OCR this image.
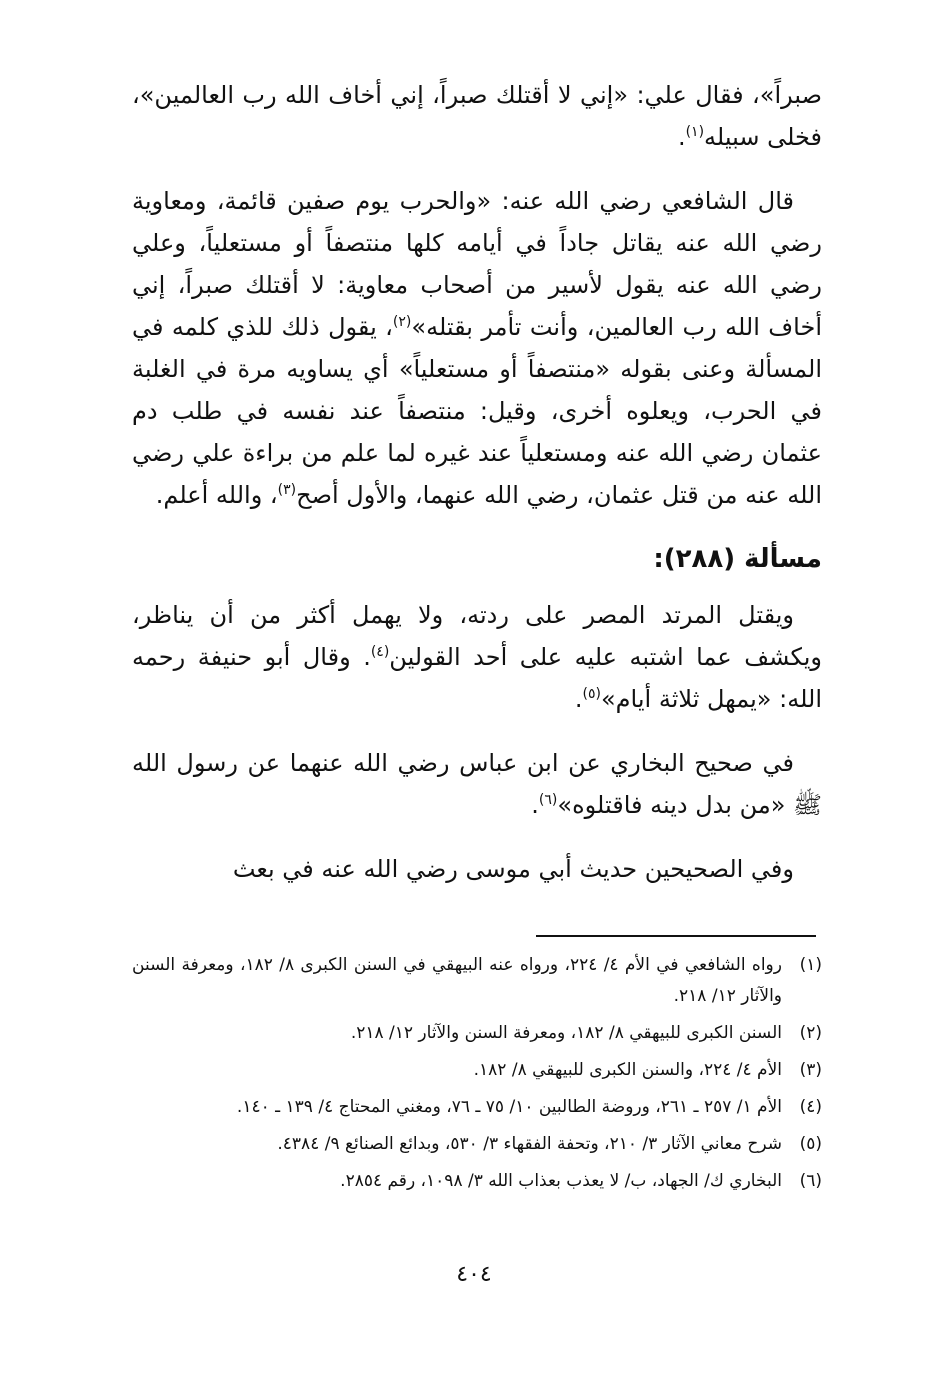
صبراً»، فقال علي: «إني لا أقتلك صبراً، إني أخاف الله رب العالمين»، فخلى سبيله$^{(١)}$.

قال الشافعي رضي الله عنه: «والحرب يوم صفين قائمة، ومعاوية رضي الله عنه يقاتل جاداً في أيامه كلها منتصفاً أو مستعلياً، وعلي رضي الله عنه يقول لأسير من أصحاب معاوية: لا أقتلك صبراً، إني أخاف الله رب العالمين، وأنت تأمر بقتله»$^{(٢)}$، يقول ذلك للذي كلمه في المسألة وعنى بقوله «منتصفاً أو مستعلياً» أي يساويه مرة في الغلبة في الحرب، ويعلوه أخرى، وقيل: منتصفاً عند نفسه في طلب دم عثمان رضي الله عنه ومستعلياً عند غيره لما علم من براءة علي رضي الله عنه من قتل عثمان، رضي الله عنهما، والأول أصح$^{(٣)}$، والله أعلم.

مسألة (٢٨٨):

ويقتل المرتد المصر على ردته، ولا يهمل أكثر من أن يناظر، ويكشف عما اشتبه عليه على أحد القولين$^{(٤)}$. وقال أبو حنيفة رحمه الله: «يمهل ثلاثة أيام»$^{(٥)}$.

في صحيح البخاري عن ابن عباس رضي الله عنهما عن رسول الله ﷺ «من بدل دينه فاقتلوه»$^{(٦)}$.

وفي الصحيحين حديث أبي موسى رضي الله عنه في بعث

(١)
رواه الشافعي في الأم ٤/ ٢٢٤، ورواه عنه البيهقي في السنن الكبرى ٨/ ١٨٢، ومعرفة السنن والآثار ١٢/ ٢١٨.
(٢)
السنن الكبرى للبيهقي ٨/ ١٨٢، ومعرفة السنن والآثار ١٢/ ٢١٨.
(٣)
الأم ٤/ ٢٢٤، والسنن الكبرى للبيهقي ٨/ ١٨٢.
(٤)
الأم ١/ ٢٥٧ ـ ٢٦١، وروضة الطالبين ١٠/ ٧٥ ـ ٧٦، ومغني المحتاج ٤/ ١٣٩ ـ ١٤٠.
(٥)
شرح معاني الآثار ٣/ ٢١٠، وتحفة الفقهاء ٣/ ٥٣٠، وبدائع الصنائع ٩/ ٤٣٨٤.
(٦)
البخاري ك/ الجهاد، ب/ لا يعذب بعذاب الله ٣/ ١٠٩٨، رقم ٢٨٥٤.
٤٠٤
